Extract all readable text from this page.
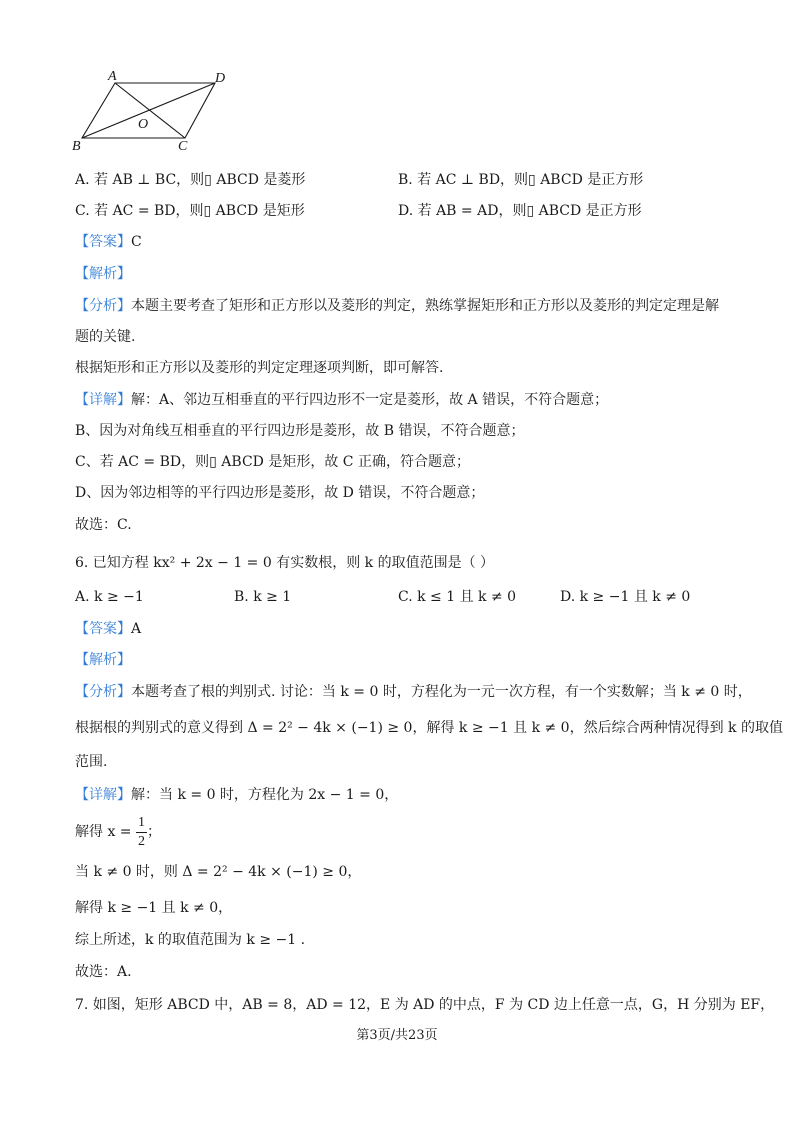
A	D
O
B	C
A. 若 AB ⊥ BC，则▯ ABCD 是菱形	B. 若 AC ⊥ BD，则▯ ABCD 是正方形
C. 若 AC = BD，则▯ ABCD 是矩形	D. 若 AB = AD，则▯ ABCD 是正方形
【答案】C
【解析】
【分析】本题主要考查了矩形和正方形以及菱形的判定，熟练掌握矩形和正方形以及菱形的判定定理是解
题的关键.
根据矩形和正方形以及菱形的判定定理逐项判断，即可解答.
【详解】解：A、邻边互相垂直的平行四边形不一定是菱形，故 A 错误，不符合题意；
B、因为对角线互相垂直的平行四边形是菱形，故 B 错误，不符合题意；
C、若 AC = BD，则▯ ABCD 是矩形，故 C 正确，符合题意；
D、因为邻边相等的平行四边形是菱形，故 D 错误，不符合题意；
故选：C.
6. 已知方程 kx² + 2x − 1 = 0 有实数根，则 k 的取值范围是（ ）
A. k ≥ −1	B. k ≥ 1	C. k ≤ 1 且 k ≠ 0	D. k ≥ −1 且 k ≠ 0
【答案】A
【解析】
【分析】本题考查了根的判别式. 讨论：当 k = 0 时，方程化为一元一次方程，有一个实数解；当 k ≠ 0 时，
根据根的判别式的意义得到 Δ = 2² − 4k × (−1) ≥ 0，解得 k ≥ −1 且 k ≠ 0，然后综合两种情况得到 k 的取值
范围.
【详解】解：当 k = 0 时，方程化为 2x − 1 = 0，
解得 $x = \frac{1}{2}$ ；
当 k ≠ 0 时，则 Δ = 2² − 4k × (−1) ≥ 0，
解得 k ≥ −1 且 k ≠ 0，
综上所述，k 的取值范围为 k ≥ −1 .
故选：A.
7. 如图，矩形 ABCD 中，AB = 8，AD = 12，E 为 AD 的中点，F 为 CD 边上任意一点，G，H 分别为 EF，
第3页/共23页
